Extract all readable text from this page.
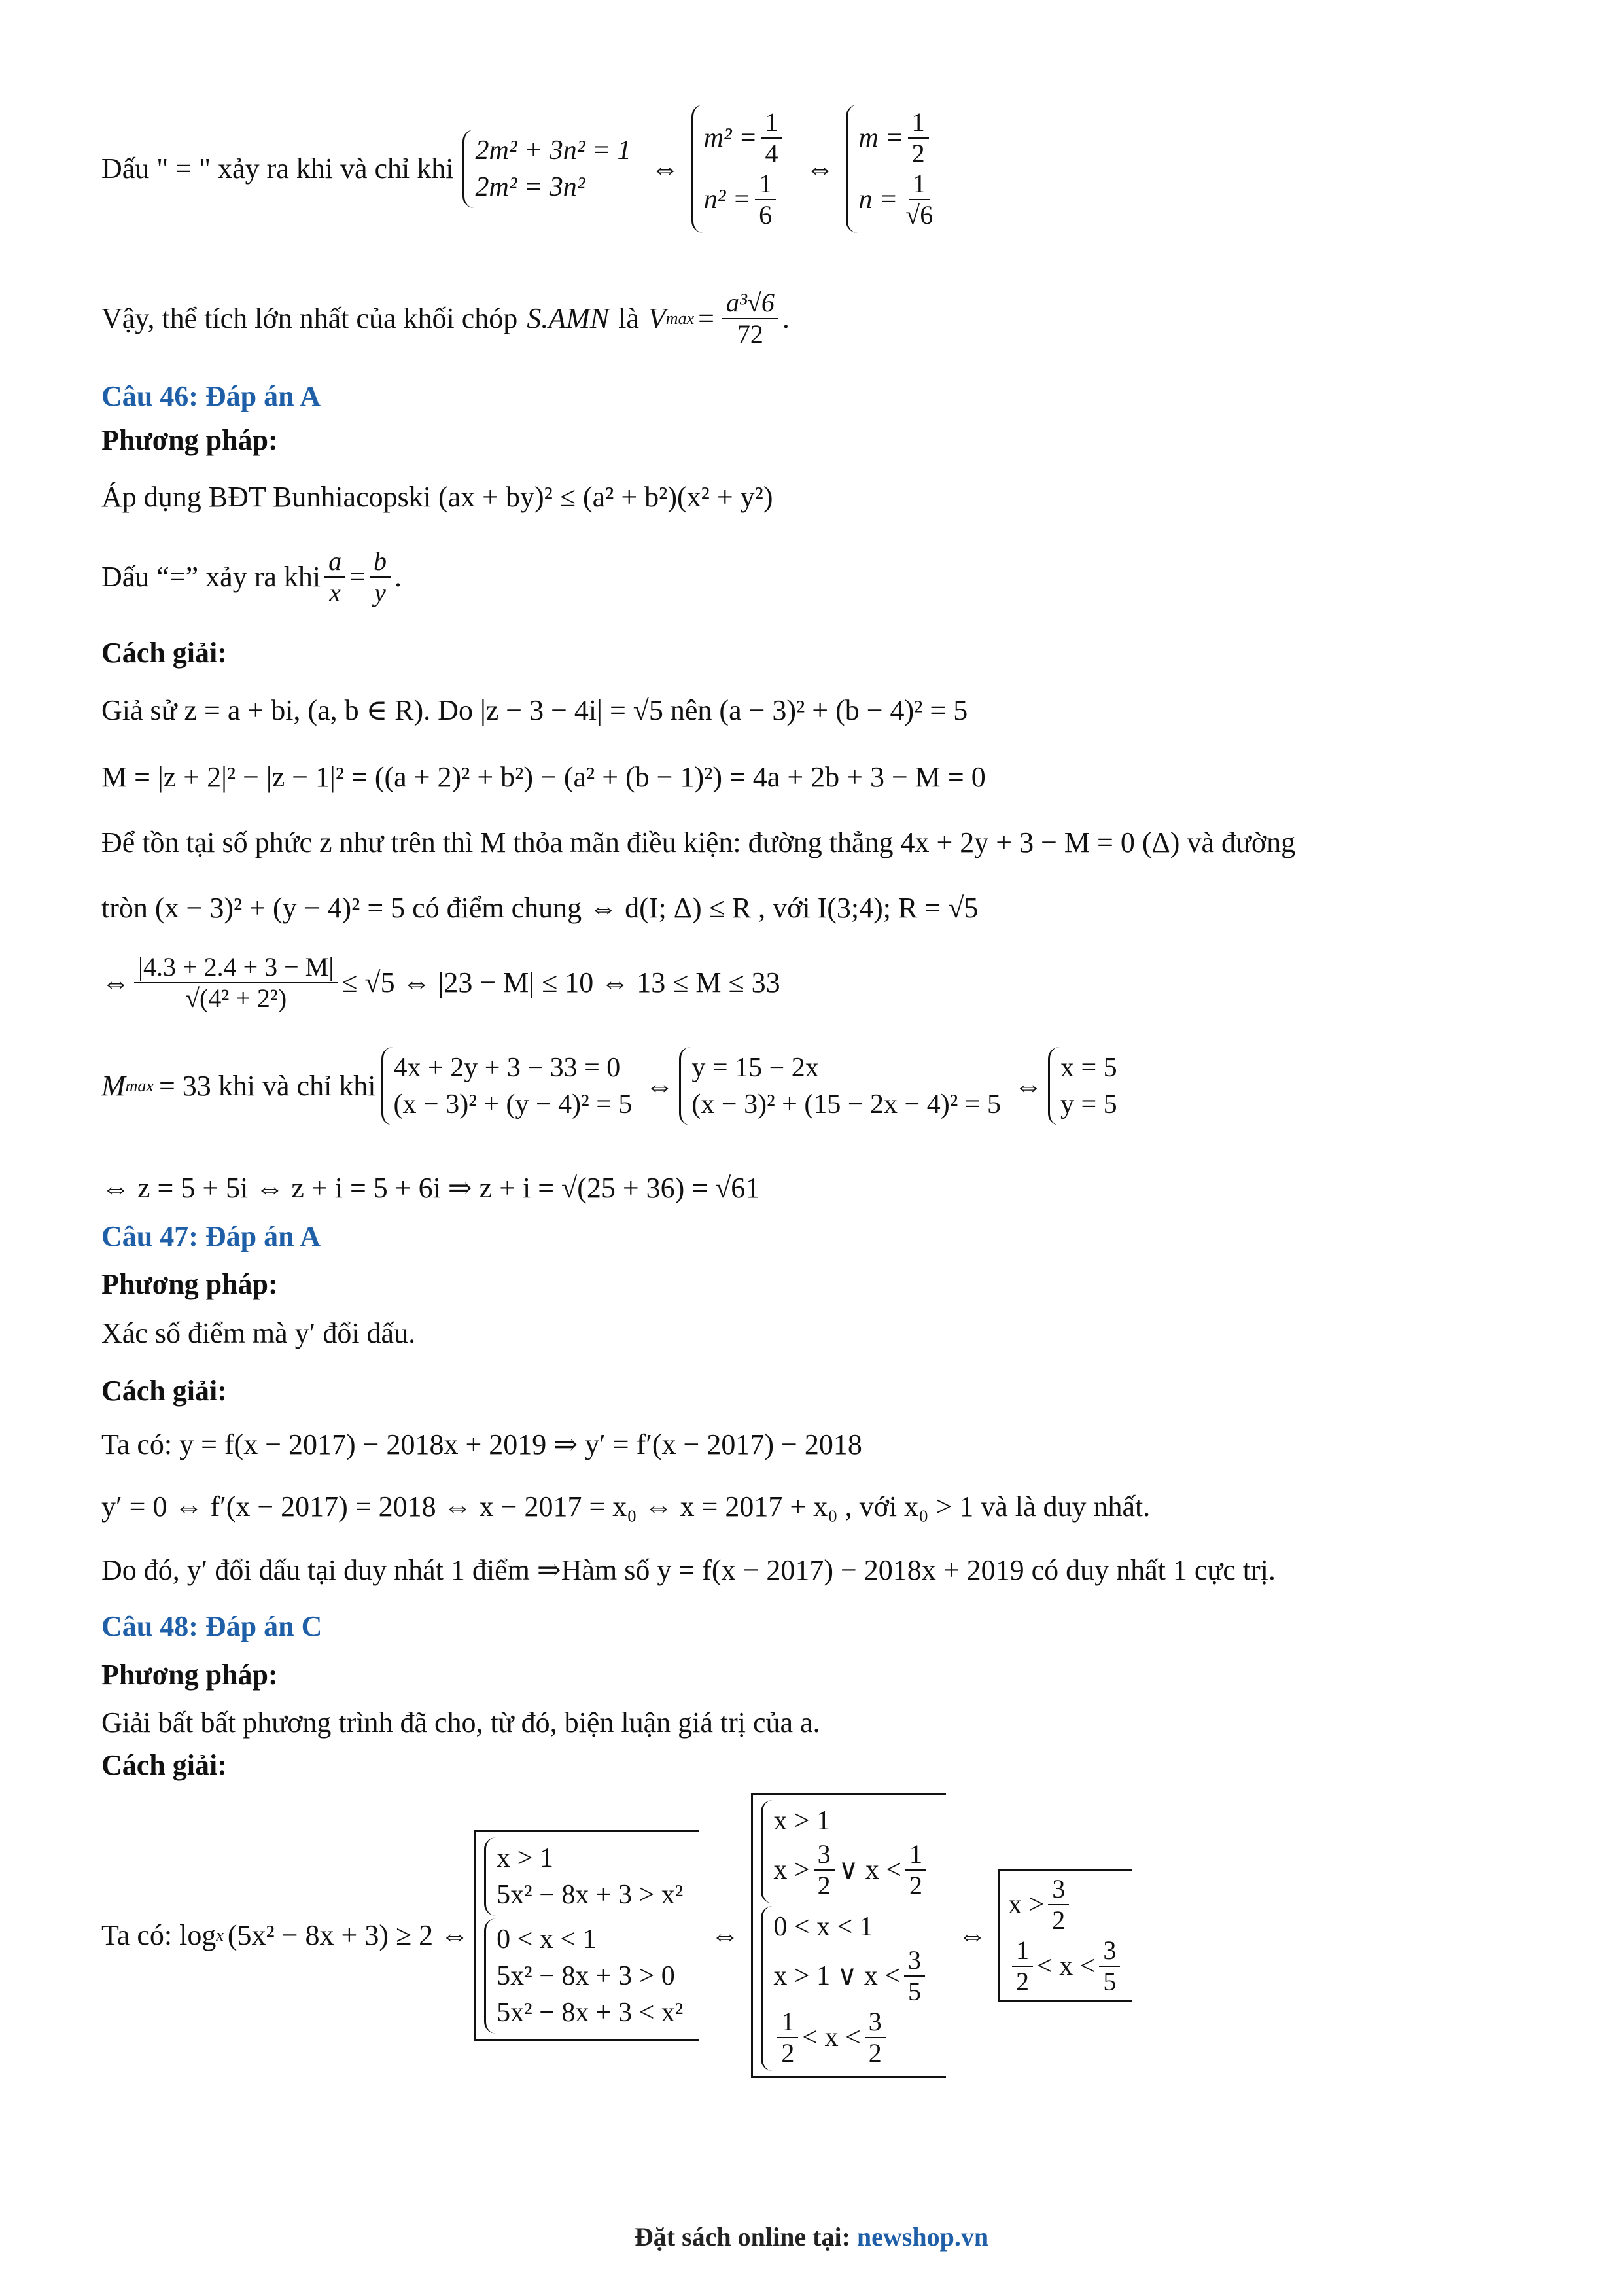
Dấu " = " xảy ra khi và chỉ khi
2m² + 3n² = 1
2m² = 3n²
⇔
$m^2 = \frac{1}{4}$
$n^2 = \frac{1}{6}$
⇔
$m = \frac{1}{2}$
$n = \frac{1}{√6}$
Vậy, thể tích lớn nhất của khối chóp S.AMN là V $\max = \frac{\text{a³√6}}{72}$ .
Câu 46: Đáp án A
Phương pháp:
Áp dụng BĐT Bunhiacopski (ax + by)² ≤ (a² + b²)(x² + y²)
Dấu “=” xảy ra khi $\frac{a}{x} = \frac{b}{y}$ .
Cách giải:
Giả sử z = a + bi, (a, b ∈ R). Do |z − 3 − 4i| = √5 nên (a − 3)² + (b − 4)² = 5
M = |z + 2|² − |z − 1|² = ((a + 2)² + b²) − (a² + (b − 1)²) = 4a + 2b + 3 − M = 0
Để tồn tại số phức z như trên thì M thỏa mãn điều kiện: đường thẳng 4x + 2y + 3 − M = 0 (Δ) và đường
tròn (x − 3)² + (y − 4)² = 5 có điểm chung ⇔ d(I; Δ) ≤ R , với I(3;4); R = √5
⇔ $\frac{|4.3 + 2.4 + 3 - M|}{\text{√(4² + 2²)}} \le √5$ ⇔ |23 − M| ≤ 10 ⇔ 13 ≤ M ≤ 33
M max = 33 khi và chỉ khi
4x + 2y + 3 − 33 = 0
(x − 3)² + (y − 4)² = 5
⇔
y = 15 − 2x
(x − 3)² + (15 − 2x − 4)² = 5
⇔
x = 5
y = 5
⇔ z = 5 + 5i ⇔ z + i = 5 + 6i ⇒ z + i = √(25 + 36) = √61
Câu 47: Đáp án A
Phương pháp:
Xác số điểm mà y′ đổi dấu.
Cách giải:
Ta có: y = f(x − 2017) − 2018x + 2019 ⇒ y′ = f′(x − 2017) − 2018
y′ = 0 ⇔ f′(x − 2017) = 2018 ⇔ x − 2017 = x₀ ⇔ x = 2017 + x₀ , với x₀ > 1 và là duy nhất.
Do đó, y′ đổi dấu tại duy nhát 1 điểm ⇒Hàm số y = f(x − 2017) − 2018x + 2019 có duy nhất 1 cực trị.
Câu 48: Đáp án C
Phương pháp:
Giải bất bất phương trình đã cho, từ đó, biện luận giá trị của a.
Cách giải:
Ta có: log x (5x² − 8x + 3) ≥ 2 ⇔
x > 1
5x² − 8x + 3 > x²
0 < x < 1
5x² − 8x + 3 > 0
5x² − 8x + 3 < x²
⇔
x > 1
$x > \frac{3}{2}$ ∨ $x < \frac{1}{2}$
0 < x < 1
x > 1 ∨ $x < \frac{3}{5}$
$\frac{1}{2} < x < \frac{3}{2}$
⇔
$x > \frac{3}{2}$
$\frac{1}{2} < x < \frac{3}{5}$
Đặt sách online tại: newshop.vn
